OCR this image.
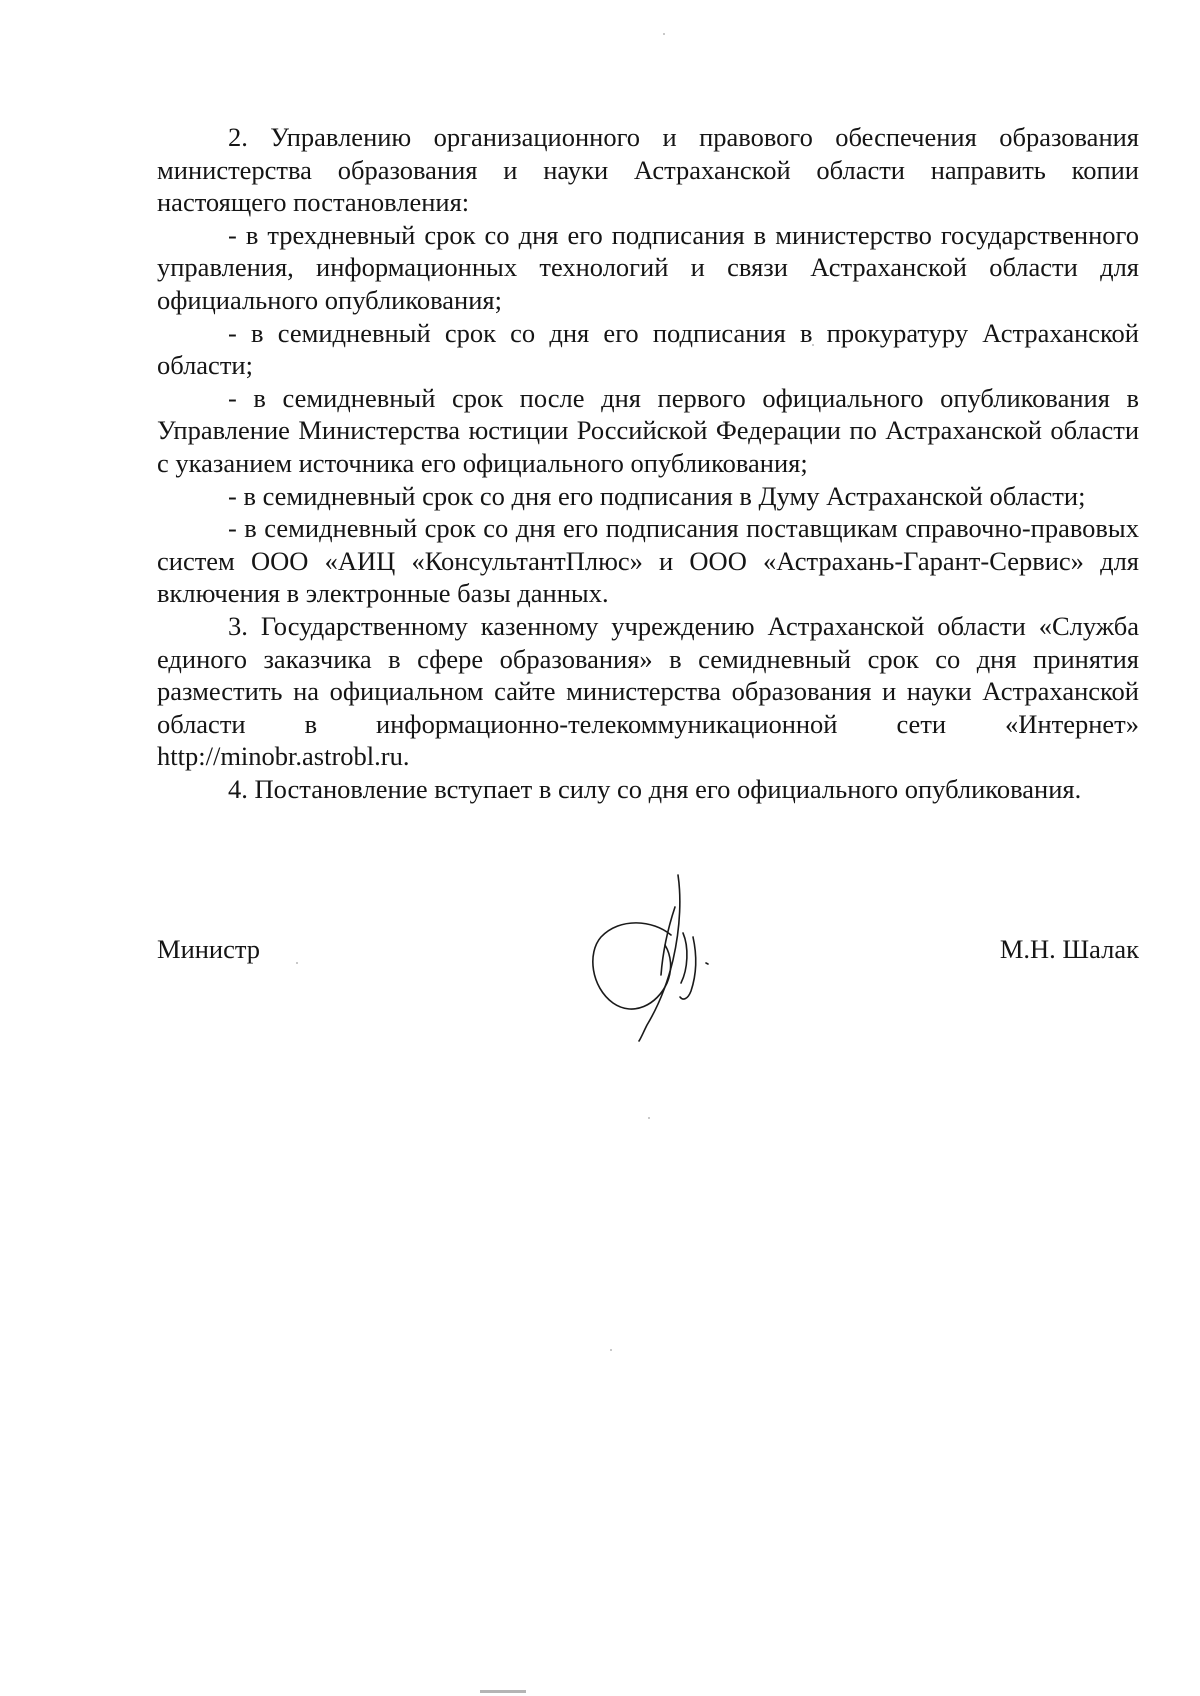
2. Управлению организационного и правового обеспечения образования министерства образования и науки Астраханской области направить копии настоящего постановления:

- в трехдневный срок со дня его подписания в министерство государственного управления, информационных технологий и связи Астраханской области для официального опубликования;

- в семидневный срок со дня его подписания в прокуратуру Астраханской области;

- в семидневный срок после дня первого официального опубликования в Управление Министерства юстиции Российской Федерации по Астраханской области с указанием источника его официального опубликования;

- в семидневный срок со дня его подписания в Думу Астраханской области;

- в семидневный срок со дня его подписания поставщикам справочно-правовых систем ООО «АИЦ «КонсультантПлюс» и ООО «Астрахань-Гарант-Сервис» для включения в электронные базы данных.

3. Государственному казенному учреждению Астраханской области «Служба единого заказчика в сфере образования» в семидневный срок со дня принятия разместить на официальном сайте министерства образования и науки Астраханской области в информационно-телекоммуникационной сети «Интернет» http://minobr.astrobl.ru.

4. Постановление вступает в силу со дня его официального опубликования.

Министр	М.Н. Шалак
